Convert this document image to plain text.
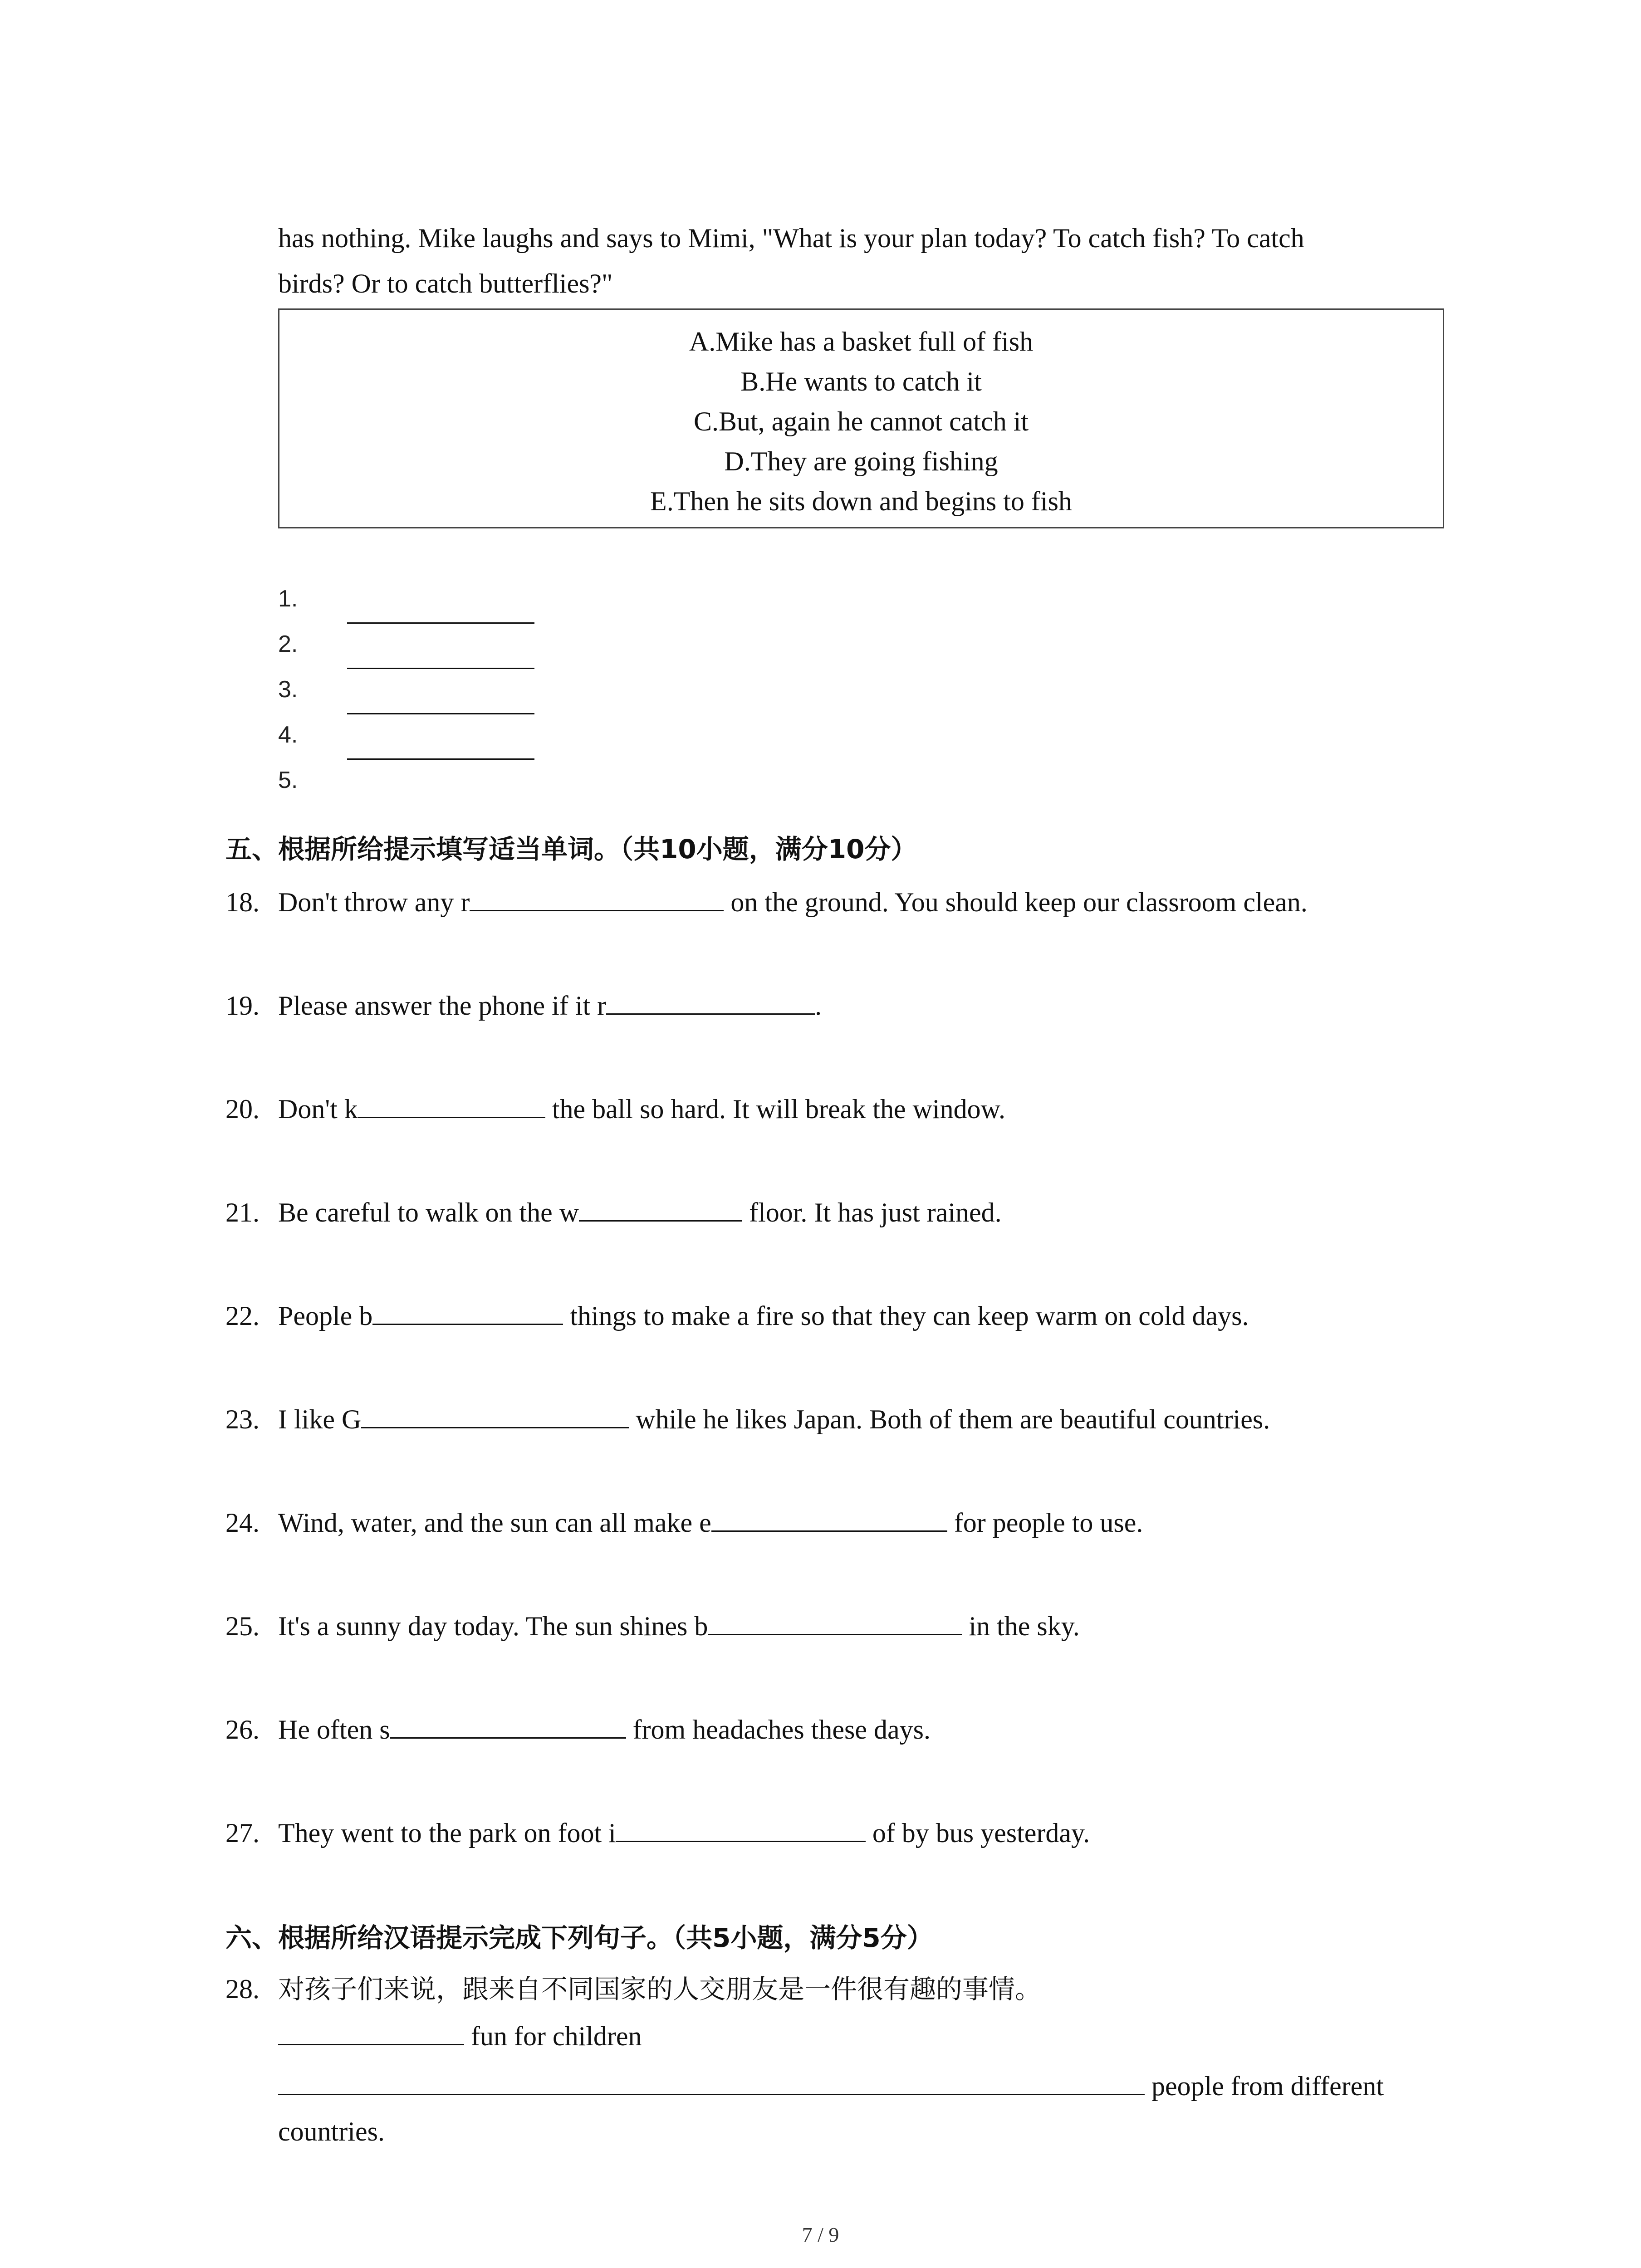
has nothing. Mike laughs and says to Mimi, "What is your plan today? To catch fish? To catch
birds? Or to catch butterflies?"
A.Mike has a basket full of fish
B.He wants to catch it
C.But, again he cannot catch it
D.They are going fishing
E.Then he sits down and begins to fish
1.
2.
3.
4.
5.
五、根据所给提示填写适当单词。（共10小题，满分10分）
18. Don't throw any r	on the ground. You should keep our classroom clean.
19. Please answer the phone if it r	.
20. Don't k	the ball so hard. It will break the window.
21. Be careful to walk on the w	floor. It has just rained.
22. People b	things to make a fire so that they can keep warm on cold days.
23. I like G	while he likes Japan. Both of them are beautiful countries.
24. Wind, water, and the sun can all make e	for people to use.
25. It's a sunny day today. The sun shines b	in the sky.
26. He often s	from headaches these days.
27. They went to the park on foot i	of by bus yesterday.
六、根据所给汉语提示完成下列句子。（共5小题，满分5分）
28. 对孩子们来说，跟来自不同国家的人交朋友是一件很有趣的事情。
fun for children
people from different
countries.
7 / 9
